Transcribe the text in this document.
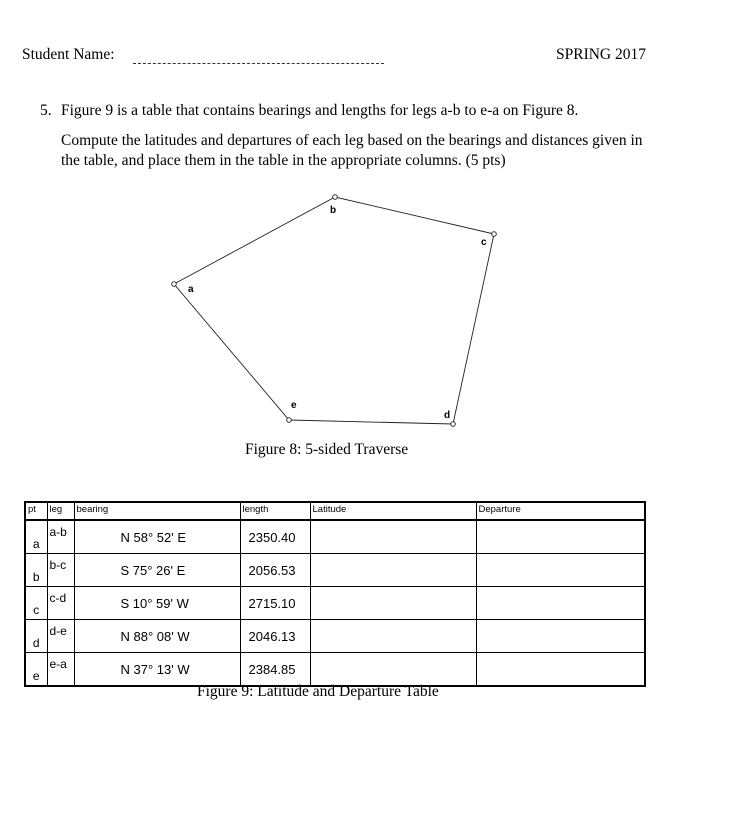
Student Name:	SPRING 2017
5. Figure 9 is a table that contains bearings and lengths for legs a-b to e-a on Figure 8.
Compute the latitudes and departures of each leg based on the bearings and distances given in the table, and place them in the table in the appropriate columns. (5 pts)
a
b
c
d
e
Figure 8: 5-sided Traverse
pt	leg	bearing	length	Latitude	Departure
a	a-b	N 58° 52' E	2350.40		
b	b-c	S 75° 26' E	2056.53		
c	c-d	S 10° 59' W	2715.10		
d	d-e	N 88° 08' W	2046.13		
e	e-a	N 37° 13' W	2384.85		
Figure 9: Latitude and Departure Table
